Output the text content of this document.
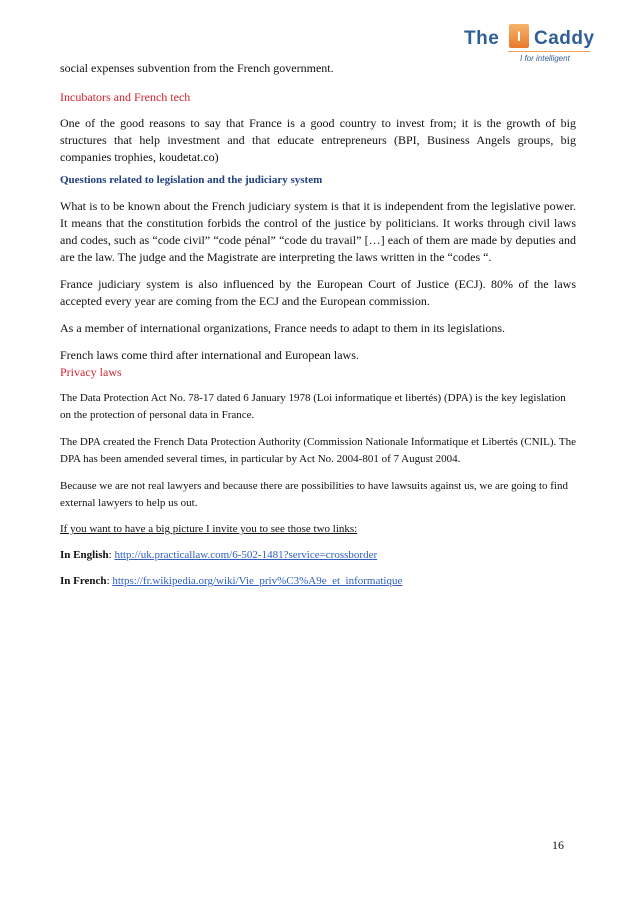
The	I Caddy
I for intelligent

social expenses subvention from the French government.

Incubators and French tech

One of the good reasons to say that France is a good country to invest from; it is the growth of big structures that help investment and that educate entrepreneurs (BPI, Business Angels groups, big companies trophies, koudetat.co)

Questions related to legislation and the judiciary system

What is to be known about the French judiciary system is that it is independent from the legislative power. It means that the constitution forbids the control of the justice by politicians. It works through civil laws and codes, such as “code civil” “code pénal” “code du travail” […] each of them are made by deputies and are the law. The judge and the Magistrate are interpreting the laws written in the “codes “.

France judiciary system is also influenced by the European Court of Justice (ECJ). 80% of the laws accepted every year are coming from the ECJ and the European commission.

As a member of international organizations, France needs to adapt to them in its legislations.

French laws come third after international and European laws.

Privacy laws

The Data Protection Act No. 78-17 dated 6 January 1978 (Loi informatique et libertés) (DPA) is the key legislation on the protection of personal data in France.

The DPA created the French Data Protection Authority (Commission Nationale Informatique et Libertés (CNIL). The DPA has been amended several times, in particular by Act No. 2004-801 of 7 August 2004.

Because we are not real lawyers and because there are possibilities to have lawsuits against us, we are going to find external lawyers to help us out.

If you want to have a big picture I invite you to see those two links:

In English: http://uk.practicallaw.com/6-502-1481?service=crossborder

In French: https://fr.wikipedia.org/wiki/Vie_priv%C3%A9e_et_informatique

16
